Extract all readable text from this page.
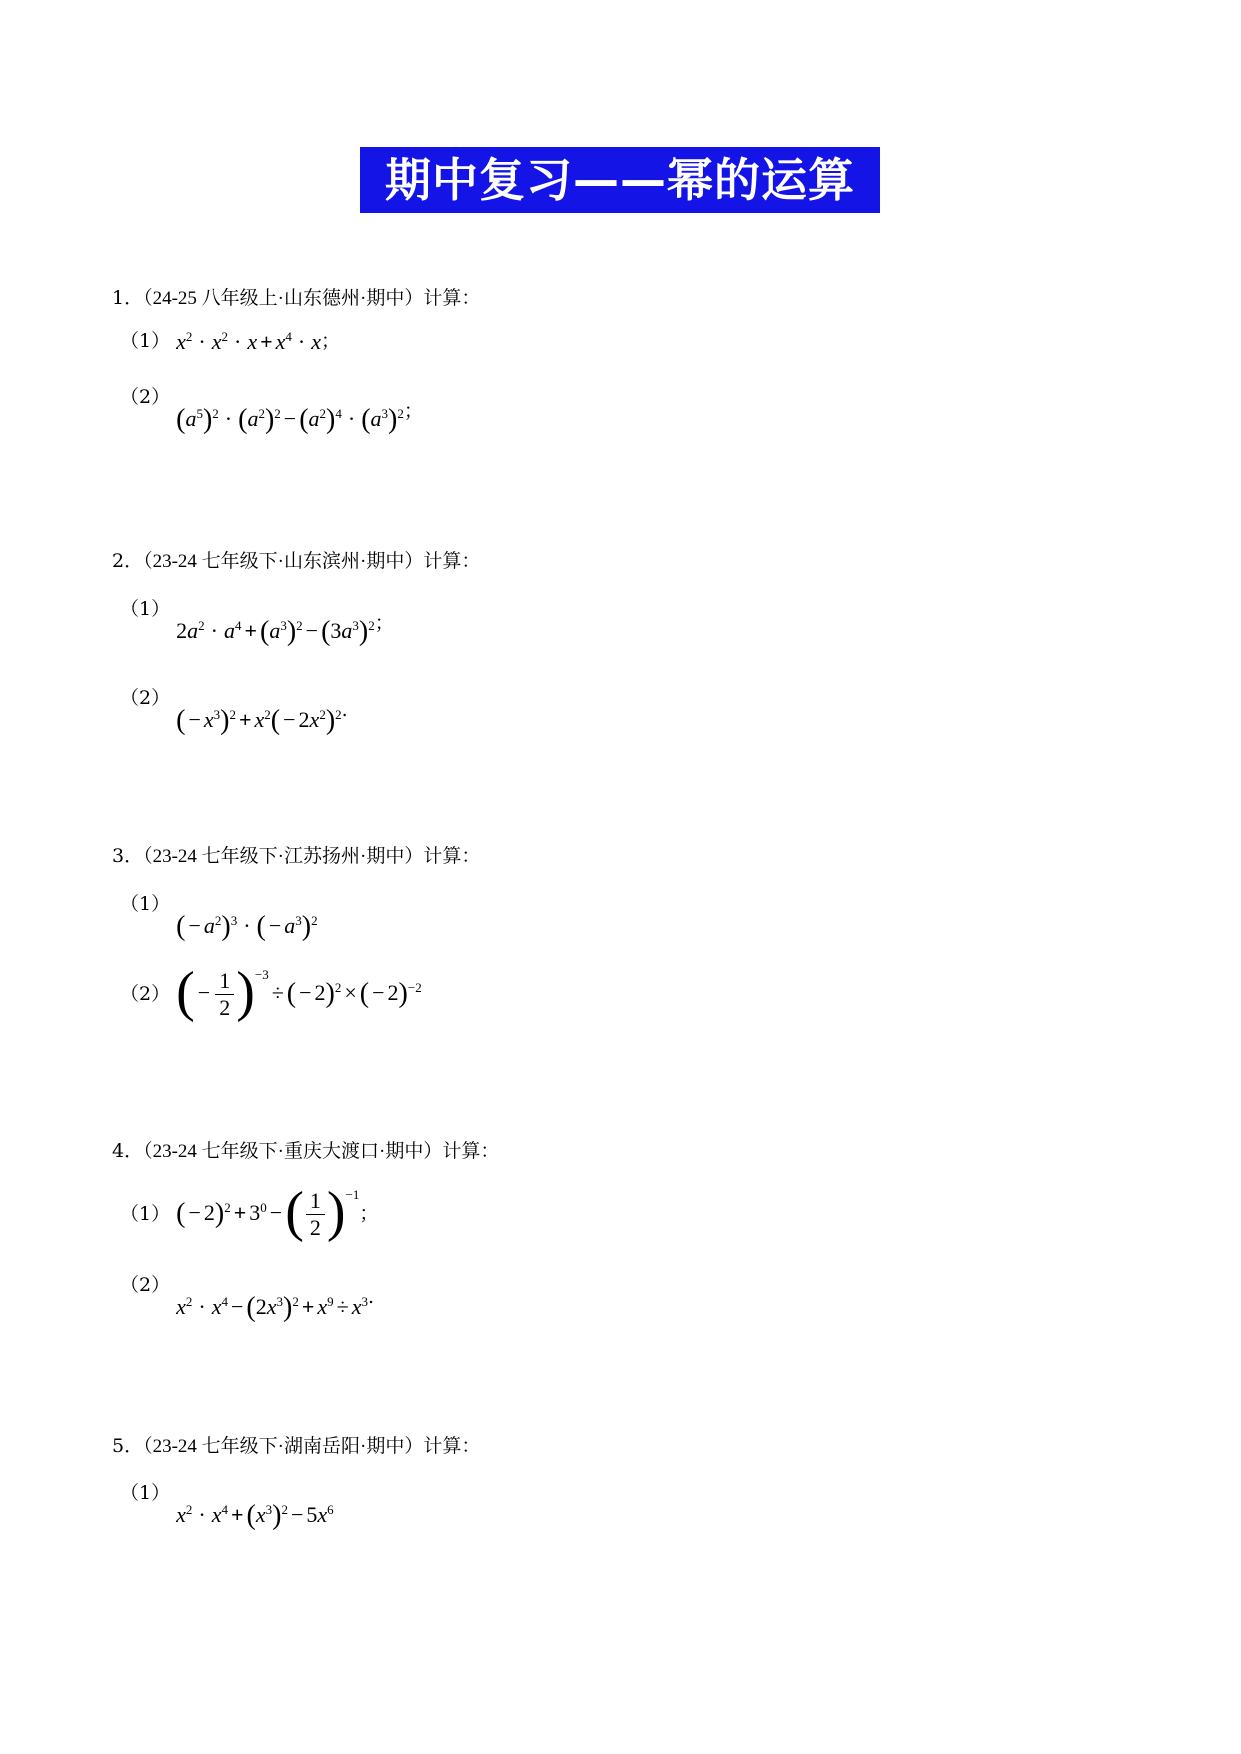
期中复习——幂的运算
1．（24-25 八年级上·山东德州·期中）计算：
（1） $x^2 \cdot x^2 \cdot x + x^4 \cdot x$；
（2） $(a^5)^2 \cdot (a^2)^2 - (a^2)^4 \cdot (a^3)^2$；
2．（23-24 七年级下·山东滨州·期中）计算：
（1） $2a^2 \cdot a^4 + (a^3)^2 - (3a^3)^2$；
（2） ( − $x^3)^2 + x^2( - 2x^2)^2$.
3．（23-24 七年级下·江苏扬州·期中）计算：
（1） ( − $a^2)^3$ · ( − $a^3)^2$
（2） ( − $\frac{1}{2} )^{-3}\div$ ( − 2)$^2$ × ( − 2)$^{-2}$
4．（23-24 七年级下·重庆大渡口·期中）计算：
（1） ( − $2)^2 + 3^0$ −( $\frac{1}{2} )^{-1}$；
（2） $x^2 \cdot x^4 - (2x^3)^2 + x^9 \div x^3$.
5．（23-24 七年级下·湖南岳阳·期中）计算：
（1） $x^2 \cdot x^4 + (x^3)^2 - 5x^6$
